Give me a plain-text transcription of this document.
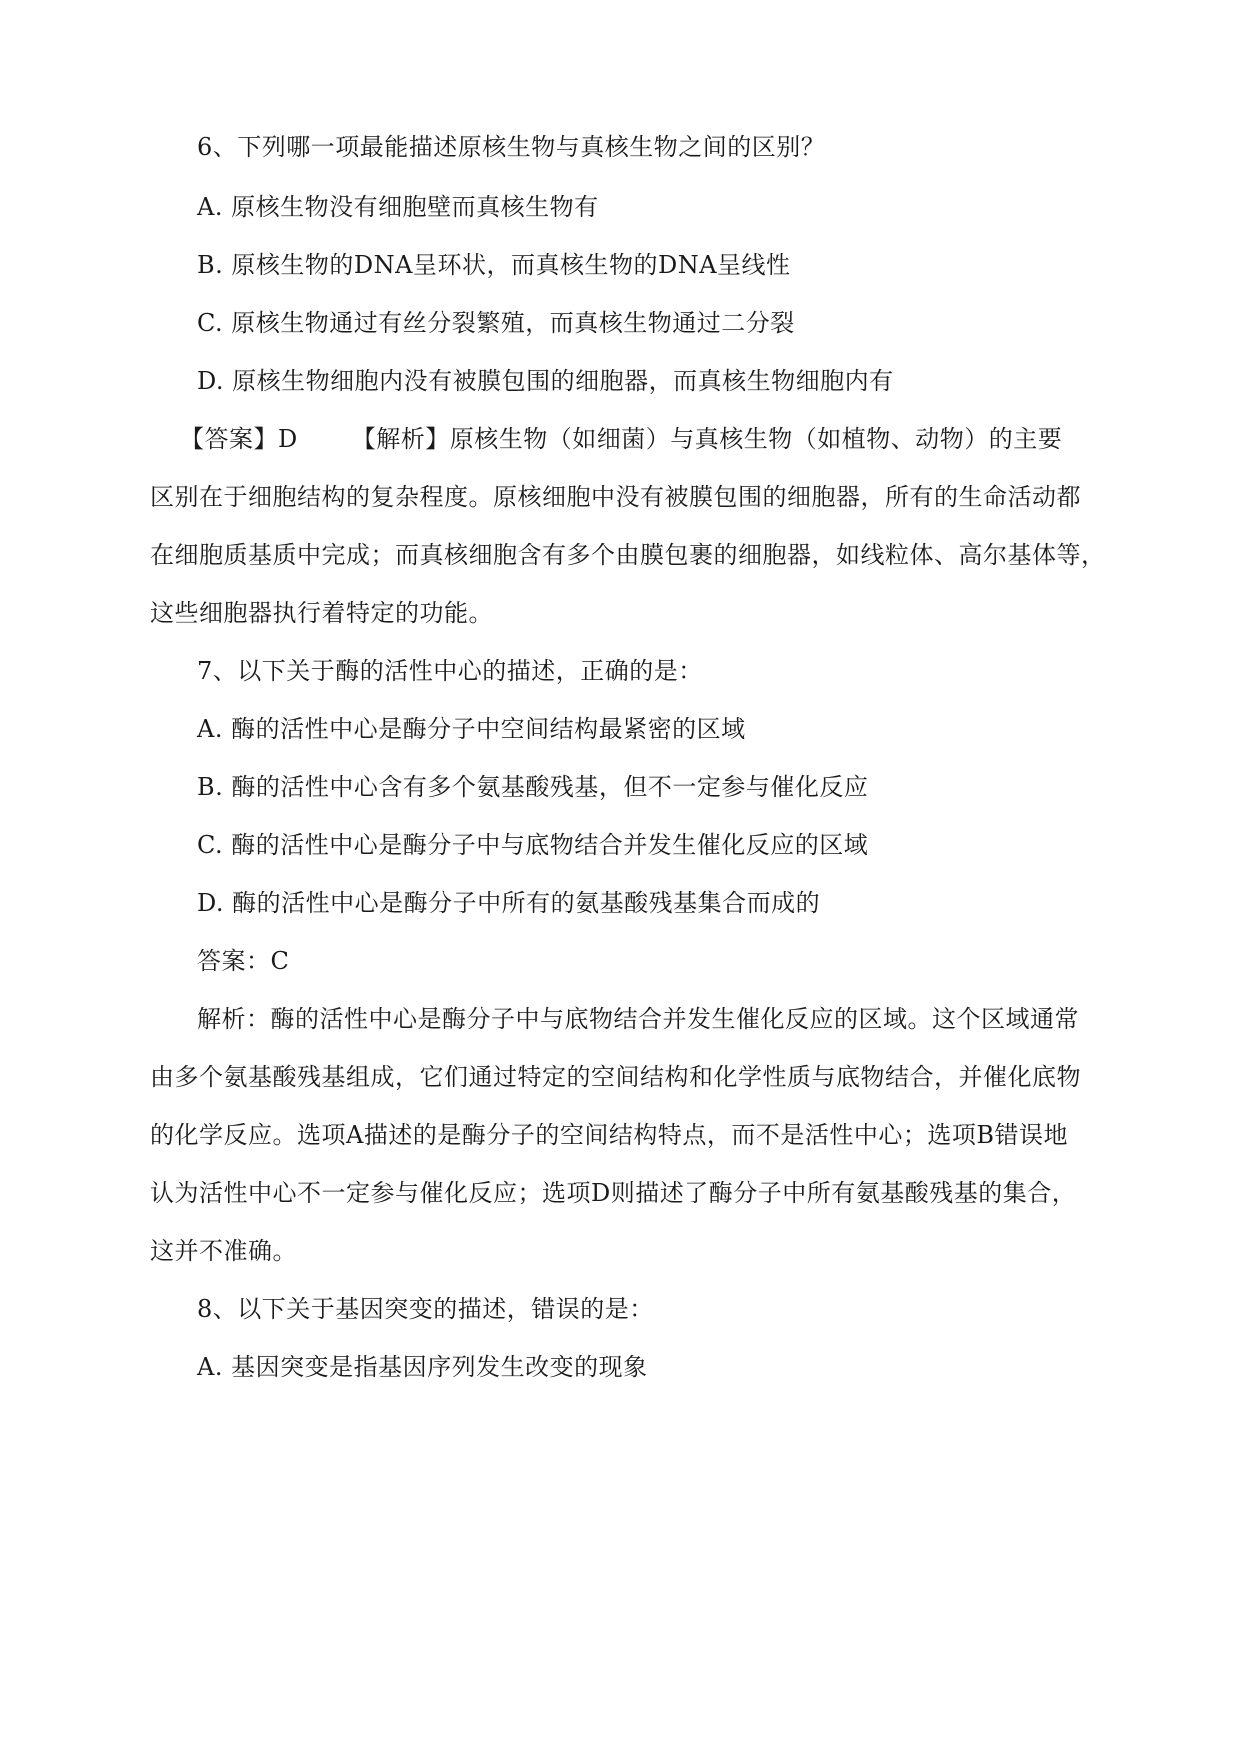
6、下列哪一项最能描述原核生物与真核生物之间的区别？
A. 原核生物没有细胞壁而真核生物有
B. 原核生物的DNA呈环状，而真核生物的DNA呈线性
C. 原核生物通过有丝分裂繁殖，而真核生物通过二分裂
D. 原核生物细胞内没有被膜包围的细胞器，而真核生物细胞内有
【答案】D 【解析】原核生物（如细菌）与真核生物（如植物、动物）的主要
区别在于细胞结构的复杂程度。原核细胞中没有被膜包围的细胞器，所有的生命活动都
在细胞质基质中完成；而真核细胞含有多个由膜包裹的细胞器，如线粒体、高尔基体等，
这些细胞器执行着特定的功能。
7、以下关于酶的活性中心的描述，正确的是：
A. 酶的活性中心是酶分子中空间结构最紧密的区域
B. 酶的活性中心含有多个氨基酸残基，但不一定参与催化反应
C. 酶的活性中心是酶分子中与底物结合并发生催化反应的区域
D. 酶的活性中心是酶分子中所有的氨基酸残基集合而成的
答案：C
解析：酶的活性中心是酶分子中与底物结合并发生催化反应的区域。这个区域通常
由多个氨基酸残基组成，它们通过特定的空间结构和化学性质与底物结合，并催化底物
的化学反应。选项A描述的是酶分子的空间结构特点，而不是活性中心；选项B错误地
认为活性中心不一定参与催化反应；选项D则描述了酶分子中所有氨基酸残基的集合，
这并不准确。
8、以下关于基因突变的描述，错误的是：
A. 基因突变是指基因序列发生改变的现象
